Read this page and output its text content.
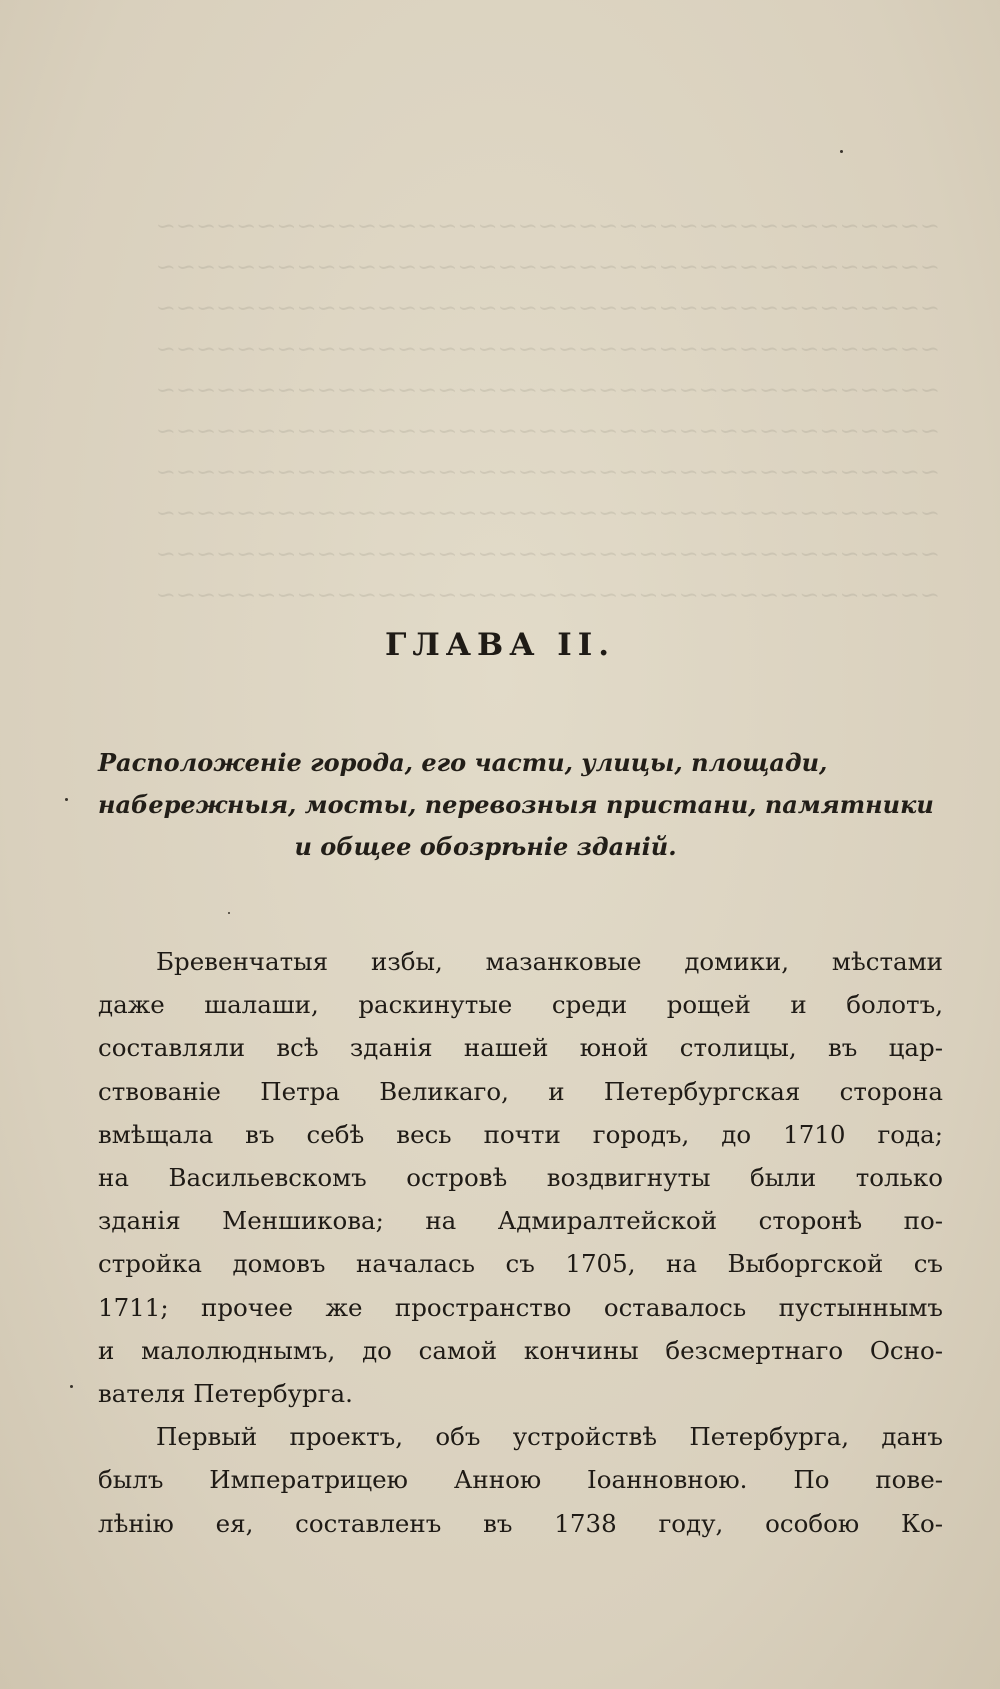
~~~~~~~~~~~~~~~~~~~~~~~~~~~~~~~~~~~~~~~
~~~~~~~~~~~~~~~~~~~~~~~~~~~~~~~~~~~~~~~
~~~~~~~~~~~~~~~~~~~~~~~~~~~~~~~~~~~~~~~
~~~~~~~~~~~~~~~~~~~~~~~~~~~~~~~~~~~~~~~
~~~~~~~~~~~~~~~~~~~~~~~~~~~~~~~~~~~~~~~
~~~~~~~~~~~~~~~~~~~~~~~~~~~~~~~~~~~~~~~
~~~~~~~~~~~~~~~~~~~~~~~~~~~~~~~~~~~~~~~
~~~~~~~~~~~~~~~~~~~~~~~~~~~~~~~~~~~~~~~
~~~~~~~~~~~~~~~~~~~~~~~~~~~~~~~~~~~~~~~
~~~~~~~~~~~~~~~~~~~~~~~~~~~~~~~~~~~~~~~

ГЛАВА II.
Расположенiе города, его части, улицы, площади,
набережныя, мосты, перевозныя пристани, памятники
и общее обозрѣнiе зданiй.
Бревенчатыя избы, мазанковые домики, мѣстами
даже шалаши, раскинутые среди рощей и болотъ,
составляли всѣ зданiя нашей юной столицы, въ цар-
ствованiе Петра Великаго, и Петербургская сторона
вмѣщала въ себѣ весь почти городъ, до 1710 года;
на Васильевскомъ островѣ воздвигнуты были только
зданiя Меншикова; на Адмиралтейской сторонѣ по-
стройка домовъ началась съ 1705, на Выборгской съ
1711; прочее же пространство оставалось пустыннымъ
и малолюднымъ, до самой кончины безсмертнаго Осно-
вателя Петербурга.
Первый проектъ, объ устройствѣ Петербурга, данъ
былъ Императрицею Анною Iоанновною. По пове-
лѣнiю ея, составленъ въ 1738 году, особою Ко-
